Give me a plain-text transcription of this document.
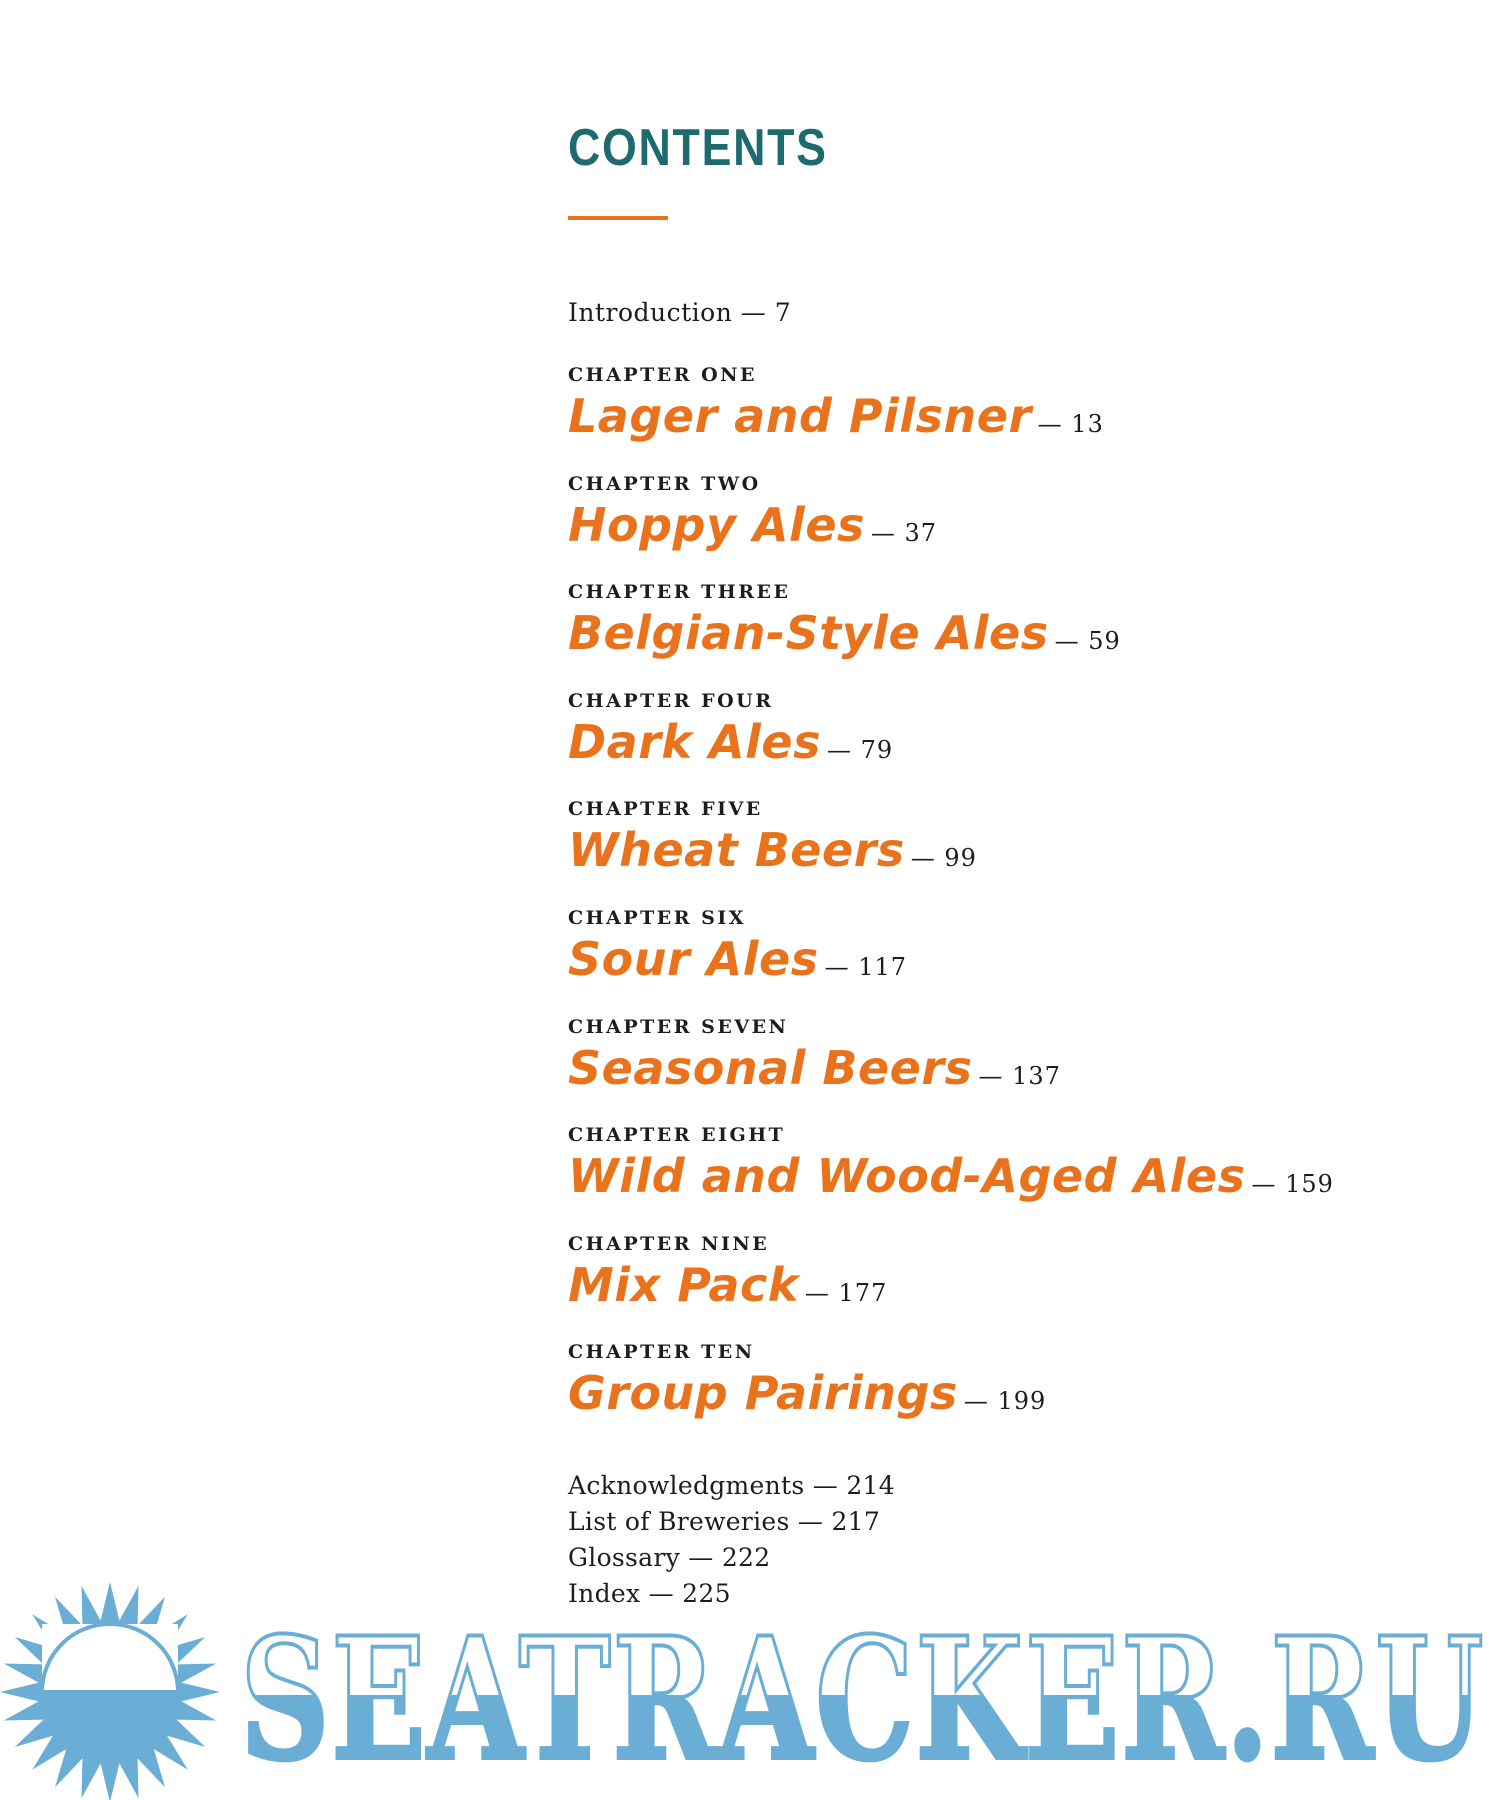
CONTENTS
Introduction — 7
CHAPTER ONE
Lager and Pilsner — 13
CHAPTER TWO
Hoppy Ales — 37
CHAPTER THREE
Belgian-Style Ales — 59
CHAPTER FOUR
Dark Ales — 79
CHAPTER FIVE
Wheat Beers — 99
CHAPTER SIX
Sour Ales — 117
CHAPTER SEVEN
Seasonal Beers — 137
CHAPTER EIGHT
Wild and Wood-Aged Ales — 159
CHAPTER NINE
Mix Pack — 177
CHAPTER TEN
Group Pairings — 199
Acknowledgments — 214
List of Breweries — 217
Glossary — 222
Index — 225
SEATRACKER.RU
